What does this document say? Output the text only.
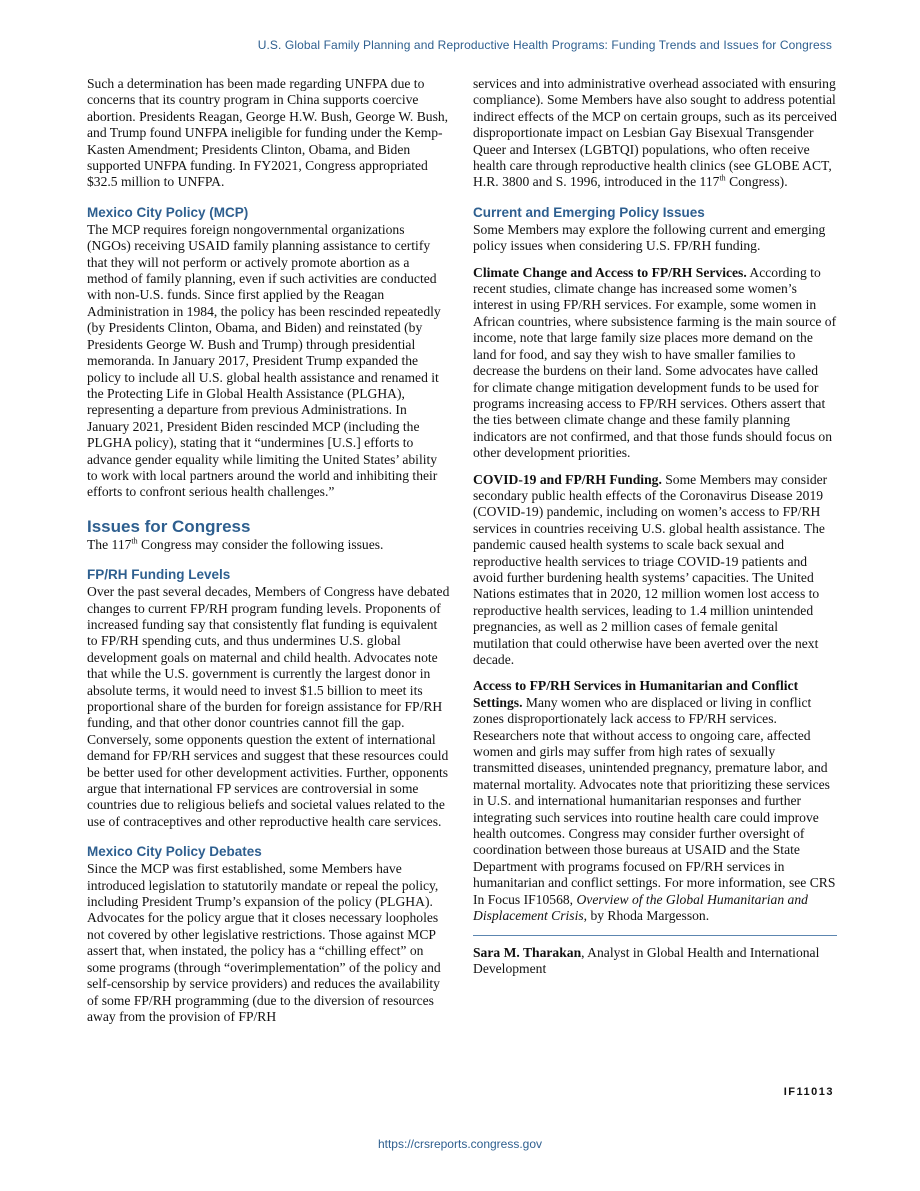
U.S. Global Family Planning and Reproductive Health Programs: Funding Trends and Issues for Congress

Such a determination has been made regarding UNFPA due to concerns that its country program in China supports coercive abortion. Presidents Reagan, George H.W. Bush, George W. Bush, and Trump found UNFPA ineligible for funding under the Kemp-Kasten Amendment; Presidents Clinton, Obama, and Biden supported UNFPA funding. In FY2021, Congress appropriated $32.5 million to UNFPA.

Mexico City Policy (MCP)

The MCP requires foreign nongovernmental organizations (NGOs) receiving USAID family planning assistance to certify that they will not perform or actively promote abortion as a method of family planning, even if such activities are conducted with non-U.S. funds. Since first applied by the Reagan Administration in 1984, the policy has been rescinded repeatedly (by Presidents Clinton, Obama, and Biden) and reinstated (by Presidents George W. Bush and Trump) through presidential memoranda. In January 2017, President Trump expanded the policy to include all U.S. global health assistance and renamed it the Protecting Life in Global Health Assistance (PLGHA), representing a departure from previous Administrations. In January 2021, President Biden rescinded MCP (including the PLGHA policy), stating that it “undermines [U.S.] efforts to advance gender equality while limiting the United States’ ability to work with local partners around the world and inhibiting their efforts to confront serious health challenges.”

Issues for Congress

The 117th Congress may consider the following issues.

FP/RH Funding Levels

Over the past several decades, Members of Congress have debated changes to current FP/RH program funding levels. Proponents of increased funding say that consistently flat funding is equivalent to FP/RH spending cuts, and thus undermines U.S. global development goals on maternal and child health. Advocates note that while the U.S. government is currently the largest donor in absolute terms, it would need to invest $1.5 billion to meet its proportional share of the burden for foreign assistance for FP/RH funding, and that other donor countries cannot fill the gap. Conversely, some opponents question the extent of international demand for FP/RH services and suggest that these resources could be better used for other development activities. Further, opponents argue that international FP services are controversial in some countries due to religious beliefs and societal values related to the use of contraceptives and other reproductive health care services.

Mexico City Policy Debates

Since the MCP was first established, some Members have introduced legislation to statutorily mandate or repeal the policy, including President Trump’s expansion of the policy (PLGHA). Advocates for the policy argue that it closes necessary loopholes not covered by other legislative restrictions. Those against MCP assert that, when instated, the policy has a “chilling effect” on some programs (through “overimplementation” of the policy and self-censorship by service providers) and reduces the availability of some FP/RH programming (due to the diversion of resources away from the provision of FP/RH

services and into administrative overhead associated with ensuring compliance). Some Members have also sought to address potential indirect effects of the MCP on certain groups, such as its perceived disproportionate impact on Lesbian Gay Bisexual Transgender Queer and Intersex (LGBTQI) populations, who often receive health care through reproductive health clinics (see GLOBE ACT, H.R. 3800 and S. 1996, introduced in the 117th Congress).

Current and Emerging Policy Issues

Some Members may explore the following current and emerging policy issues when considering U.S. FP/RH funding.

Climate Change and Access to FP/RH Services. According to recent studies, climate change has increased some women’s interest in using FP/RH services. For example, some women in African countries, where subsistence farming is the main source of income, note that large family size places more demand on the land for food, and say they wish to have smaller families to decrease the burdens on their land. Some advocates have called for climate change mitigation development funds to be used for programs increasing access to FP/RH services. Others assert that the ties between climate change and these family planning indicators are not confirmed, and that those funds should focus on other development priorities.

COVID-19 and FP/RH Funding. Some Members may consider secondary public health effects of the Coronavirus Disease 2019 (COVID-19) pandemic, including on women’s access to FP/RH services in countries receiving U.S. global health assistance. The pandemic caused health systems to scale back sexual and reproductive health services to triage COVID-19 patients and avoid further burdening health systems’ capacities. The United Nations estimates that in 2020, 12 million women lost access to reproductive health services, leading to 1.4 million unintended pregnancies, as well as 2 million cases of female genital mutilation that could otherwise have been averted over the next decade.

Access to FP/RH Services in Humanitarian and Conflict Settings. Many women who are displaced or living in conflict zones disproportionately lack access to FP/RH services. Researchers note that without access to ongoing care, affected women and girls may suffer from high rates of sexually transmitted diseases, unintended pregnancy, premature labor, and maternal mortality. Advocates note that prioritizing these services in U.S. and international humanitarian responses and further integrating such services into routine health care could improve health outcomes. Congress may consider further oversight of coordination between those bureaus at USAID and the State Department with programs focused on FP/RH services in humanitarian and conflict settings. For more information, see CRS In Focus IF10568, Overview of the Global Humanitarian and Displacement Crisis, by Rhoda Margesson.

Sara M. Tharakan, Analyst in Global Health and International Development

IF11013
https://crsreports.congress.gov
